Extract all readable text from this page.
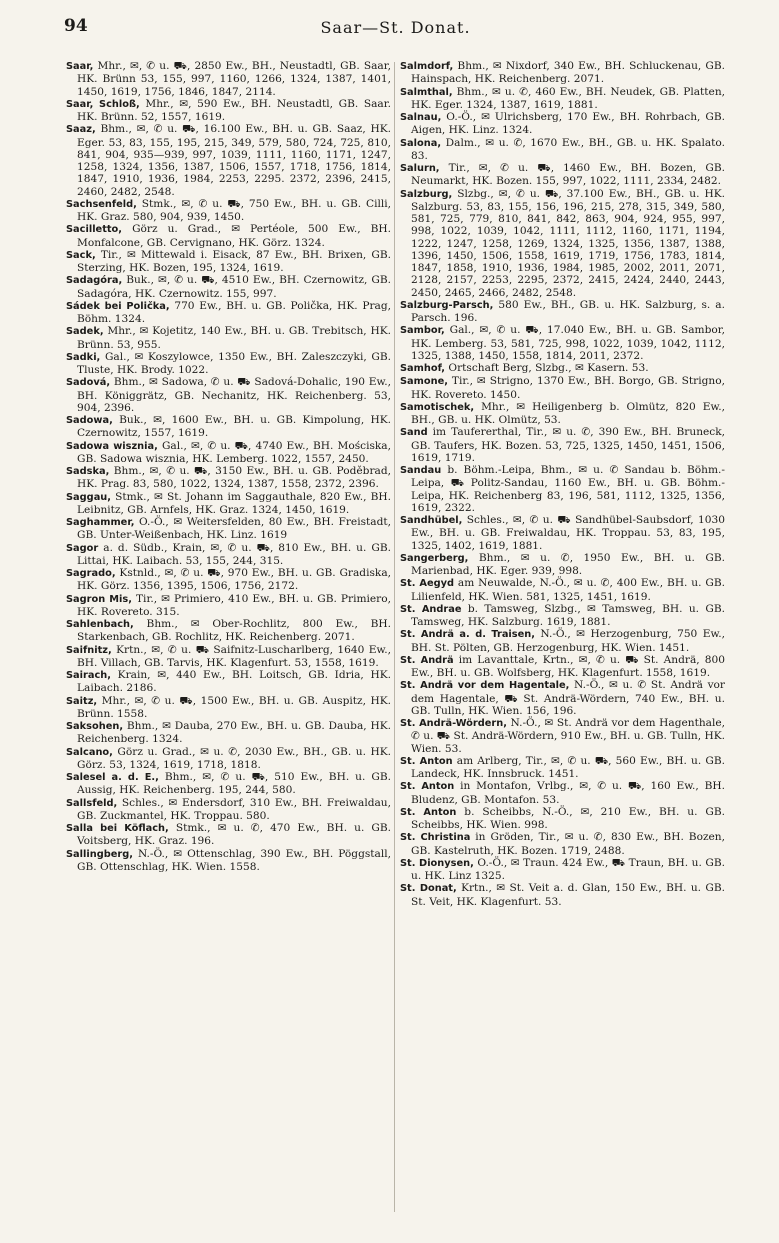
94	Saar—St. Donat.

Saar, Mhr., ✉, ✆ u. ⛟, 2850 Ew., BH., Neustadtl, GB. Saar, HK. Brünn 53, 155, 997, 1160, 1266, 1324, 1387, 1401, 1450, 1619, 1756, 1846, 1847, 2114.

Saar, Schloß, Mhr., ✉, 590 Ew., BH. Neustadtl, GB. Saar. HK. Brünn. 52, 1557, 1619.

Saaz, Bhm., ✉, ✆ u. ⛟, 16.100 Ew., BH. u. GB. Saaz, HK. Eger. 53, 83, 155, 195, 215, 349, 579, 580, 724, 725, 810, 841, 904, 935—939, 997, 1039, 1111, 1160, 1171, 1247, 1258, 1324, 1356, 1387, 1506, 1557, 1718, 1756, 1814, 1847, 1910, 1936, 1984, 2253, 2295. 2372, 2396, 2415, 2460, 2482, 2548.

Sachsenfeld, Stmk., ✉, ✆ u. ⛟, 750 Ew., BH. u. GB. Cilli, HK. Graz. 580, 904, 939, 1450.

Sacilletto, Görz u. Grad., ✉ Pertéole, 500 Ew., BH. Monfalcone, GB. Cervignano, HK. Görz. 1324.

Sack, Tir., ✉ Mittewald i. Eisack, 87 Ew., BH. Brixen, GB. Sterzing, HK. Bozen, 195, 1324, 1619.

Sadagóra, Buk., ✉, ✆ u. ⛟, 4510 Ew., BH. Czernowitz, GB. Sadagóra, HK. Czernowitz. 155, 997.

Sádek bei Polička, 770 Ew., BH. u. GB. Polička, HK. Prag, Böhm. 1324.

Sadek, Mhr., ✉ Kojetitz, 140 Ew., BH. u. GB. Trebitsch, HK. Brünn. 53, 955.

Sadki, Gal., ✉ Koszylowce, 1350 Ew., BH. Zaleszczyki, GB. Tluste, HK. Brody. 1022.

Sadová, Bhm., ✉ Sadowa, ✆ u. ⛟ Sadová-Dohalic, 190 Ew., BH. Königgrätz, GB. Nechanitz, HK. Reichenberg. 53, 904, 2396.

Sadowa, Buk., ✉, 1600 Ew., BH. u. GB. Kimpolung, HK. Czernowitz, 1557, 1619.

Sadowa wisznia, Gal., ✉, ✆ u. ⛟, 4740 Ew., BH. Mościska, GB. Sadowa wisznia, HK. Lemberg. 1022, 1557, 2450.

Sadska, Bhm., ✉, ✆ u. ⛟, 3150 Ew., BH. u. GB. Poděbrad, HK. Prag. 83, 580, 1022, 1324, 1387, 1558, 2372, 2396.

Saggau, Stmk., ✉ St. Johann im Saggauthale, 820 Ew., BH. Leibnitz, GB. Arnfels, HK. Graz. 1324, 1450, 1619.

Saghammer, O.-Ö., ✉ Weitersfelden, 80 Ew., BH. Freistadt, GB. Unter-Weißenbach, HK. Linz. 1619

Sagor a. d. Südb., Krain, ✉, ✆ u. ⛟, 810 Ew., BH. u. GB. Littai, HK. Laibach. 53, 155, 244, 315.

Sagrado, Kstnld., ✉, ✆ u. ⛟, 970 Ew., BH. u. GB. Gradiska, HK. Görz. 1356, 1395, 1506, 1756, 2172.

Sagron Mis, Tir., ✉ Primiero, 410 Ew., BH. u. GB. Primiero, HK. Rovereto. 315.

Sahlenbach, Bhm., ✉ Ober-Rochlitz, 800 Ew., BH. Starkenbach, GB. Rochlitz, HK. Reichenberg. 2071.

Saifnitz, Krtn., ✉, ✆ u. ⛟ Saifnitz-Luscharlberg, 1640 Ew., BH. Villach, GB. Tarvis, HK. Klagenfurt. 53, 1558, 1619.

Sairach, Krain, ✉, 440 Ew., BH. Loitsch, GB. Idria, HK. Laibach. 2186.

Saitz, Mhr., ✉, ✆ u. ⛟, 1500 Ew., BH. u. GB. Auspitz, HK. Brünn. 1558.

Saksohen, Bhm., ✉ Dauba, 270 Ew., BH. u. GB. Dauba, HK. Reichenberg. 1324.

Salcano, Görz u. Grad., ✉ u. ✆, 2030 Ew., BH., GB. u. HK. Görz. 53, 1324, 1619, 1718, 1818.

Salesel a. d. E., Bhm., ✉, ✆ u. ⛟, 510 Ew., BH. u. GB. Aussig, HK. Reichenberg. 195, 244, 580.

Sallsfeld, Schles., ✉ Endersdorf, 310 Ew., BH. Freiwaldau, GB. Zuckmantel, HK. Troppau. 580.

Salla bei Köflach, Stmk., ✉ u. ✆, 470 Ew., BH. u. GB. Voitsberg, HK. Graz. 196.

Sallingberg, N.-Ö., ✉ Ottenschlag, 390 Ew., BH. Pöggstall, GB. Ottenschlag, HK. Wien. 1558.

Salmdorf, Bhm., ✉ Nixdorf, 340 Ew., BH. Schluckenau, GB. Hainspach, HK. Reichenberg. 2071.

Salmthal, Bhm., ✉ u. ✆, 460 Ew., BH. Neudek, GB. Platten, HK. Eger. 1324, 1387, 1619, 1881.

Salnau, O.-Ö., ✉ Ulrichsberg, 170 Ew., BH. Rohrbach, GB. Aigen, HK. Linz. 1324.

Salona, Dalm., ✉ u. ✆, 1670 Ew., BH., GB. u. HK. Spalato. 83.

Salurn, Tir., ✉, ✆ u. ⛟, 1460 Ew., BH. Bozen, GB. Neumarkt, HK. Bozen. 155, 997, 1022, 1111, 2334, 2482.

Salzburg, Slzbg., ✉, ✆ u. ⛟, 37.100 Ew., BH., GB. u. HK. Salzburg. 53, 83, 155, 156, 196, 215, 278, 315, 349, 580, 581, 725, 779, 810, 841, 842, 863, 904, 924, 955, 997, 998, 1022, 1039, 1042, 1111, 1112, 1160, 1171, 1194, 1222, 1247, 1258, 1269, 1324, 1325, 1356, 1387, 1388, 1396, 1450, 1506, 1558, 1619, 1719, 1756, 1783, 1814, 1847, 1858, 1910, 1936, 1984, 1985, 2002, 2011, 2071, 2128, 2157, 2253, 2295, 2372, 2415, 2424, 2440, 2443, 2450, 2465, 2466, 2482, 2548.

Salzburg-Parsch, 580 Ew., BH., GB. u. HK. Salzburg, s. a. Parsch. 196.

Sambor, Gal., ✉, ✆ u. ⛟, 17.040 Ew., BH. u. GB. Sambor, HK. Lemberg. 53, 581, 725, 998, 1022, 1039, 1042, 1112, 1325, 1388, 1450, 1558, 1814, 2011, 2372.

Samhof, Ortschaft Berg, Slzbg., ✉ Kasern. 53.

Samone, Tir., ✉ Strigno, 1370 Ew., BH. Borgo, GB. Strigno, HK. Rovereto. 1450.

Samotischek, Mhr., ✉ Heiligenberg b. Olmütz, 820 Ew., BH., GB. u. HK. Olmütz, 53.

Sand im Taufererthal, Tir., ✉ u. ✆, 390 Ew., BH. Bruneck, GB. Taufers, HK. Bozen. 53, 725, 1325, 1450, 1451, 1506, 1619, 1719.

Sandau b. Böhm.-Leipa, Bhm., ✉ u. ✆ Sandau b. Böhm.-Leipa, ⛟ Politz-Sandau, 1160 Ew., BH. u. GB. Böhm.-Leipa, HK. Reichenberg 83, 196, 581, 1112, 1325, 1356, 1619, 2322.

Sandhübel, Schles., ✉, ✆ u. ⛟ Sandhübel-Saubsdorf, 1030 Ew., BH. u. GB. Freiwaldau, HK. Troppau. 53, 83, 195, 1325, 1402, 1619, 1881.

Sangerberg, Bhm., ✉ u. ✆, 1950 Ew., BH. u. GB. Marienbad, HK. Eger. 939, 998.

St. Aegyd am Neuwalde, N.-Ö., ✉ u. ✆, 400 Ew., BH. u. GB. Lilienfeld, HK. Wien. 581, 1325, 1451, 1619.

St. Andrae b. Tamsweg, Slzbg., ✉ Tamsweg, BH. u. GB. Tamsweg, HK. Salzburg. 1619, 1881.

St. Andrä a. d. Traisen, N.-Ö., ✉ Herzogenburg, 750 Ew., BH. St. Pölten, GB. Herzogenburg, HK. Wien. 1451.

St. Andrä im Lavanttale, Krtn., ✉, ✆ u. ⛟ St. Andrä, 800 Ew., BH. u. GB. Wolfsberg, HK. Klagenfurt. 1558, 1619.

St. Andrä vor dem Hagentale, N.-Ö., ✉ u. ✆ St. Andrä vor dem Hagentale, ⛟ St. Andrä-Wördern, 740 Ew., BH. u. GB. Tulln, HK. Wien. 156, 196.

St. Andrä-Wördern, N.-Ö., ✉ St. Andrä vor dem Hagenthale, ✆ u. ⛟ St. Andrä-Wördern, 910 Ew., BH. u. GB. Tulln, HK. Wien. 53.

St. Anton am Arlberg, Tir., ✉, ✆ u. ⛟, 560 Ew., BH. u. GB. Landeck, HK. Innsbruck. 1451.

St. Anton in Montafon, Vrlbg., ✉, ✆ u. ⛟, 160 Ew., BH. Bludenz, GB. Montafon. 53.

St. Anton b. Scheibbs, N.-Ö., ✉, 210 Ew., BH. u. GB. Scheibbs, HK. Wien. 998.

St. Christina in Gröden, Tir., ✉ u. ✆, 830 Ew., BH. Bozen, GB. Kastelruth, HK. Bozen. 1719, 2488.

St. Dionysen, O.-Ö., ✉ Traun. 424 Ew., ⛟ Traun, BH. u. GB. u. HK. Linz 1325.

St. Donat, Krtn., ✉ St. Veit a. d. Glan, 150 Ew., BH. u. GB. St. Veit, HK. Klagenfurt. 53.
